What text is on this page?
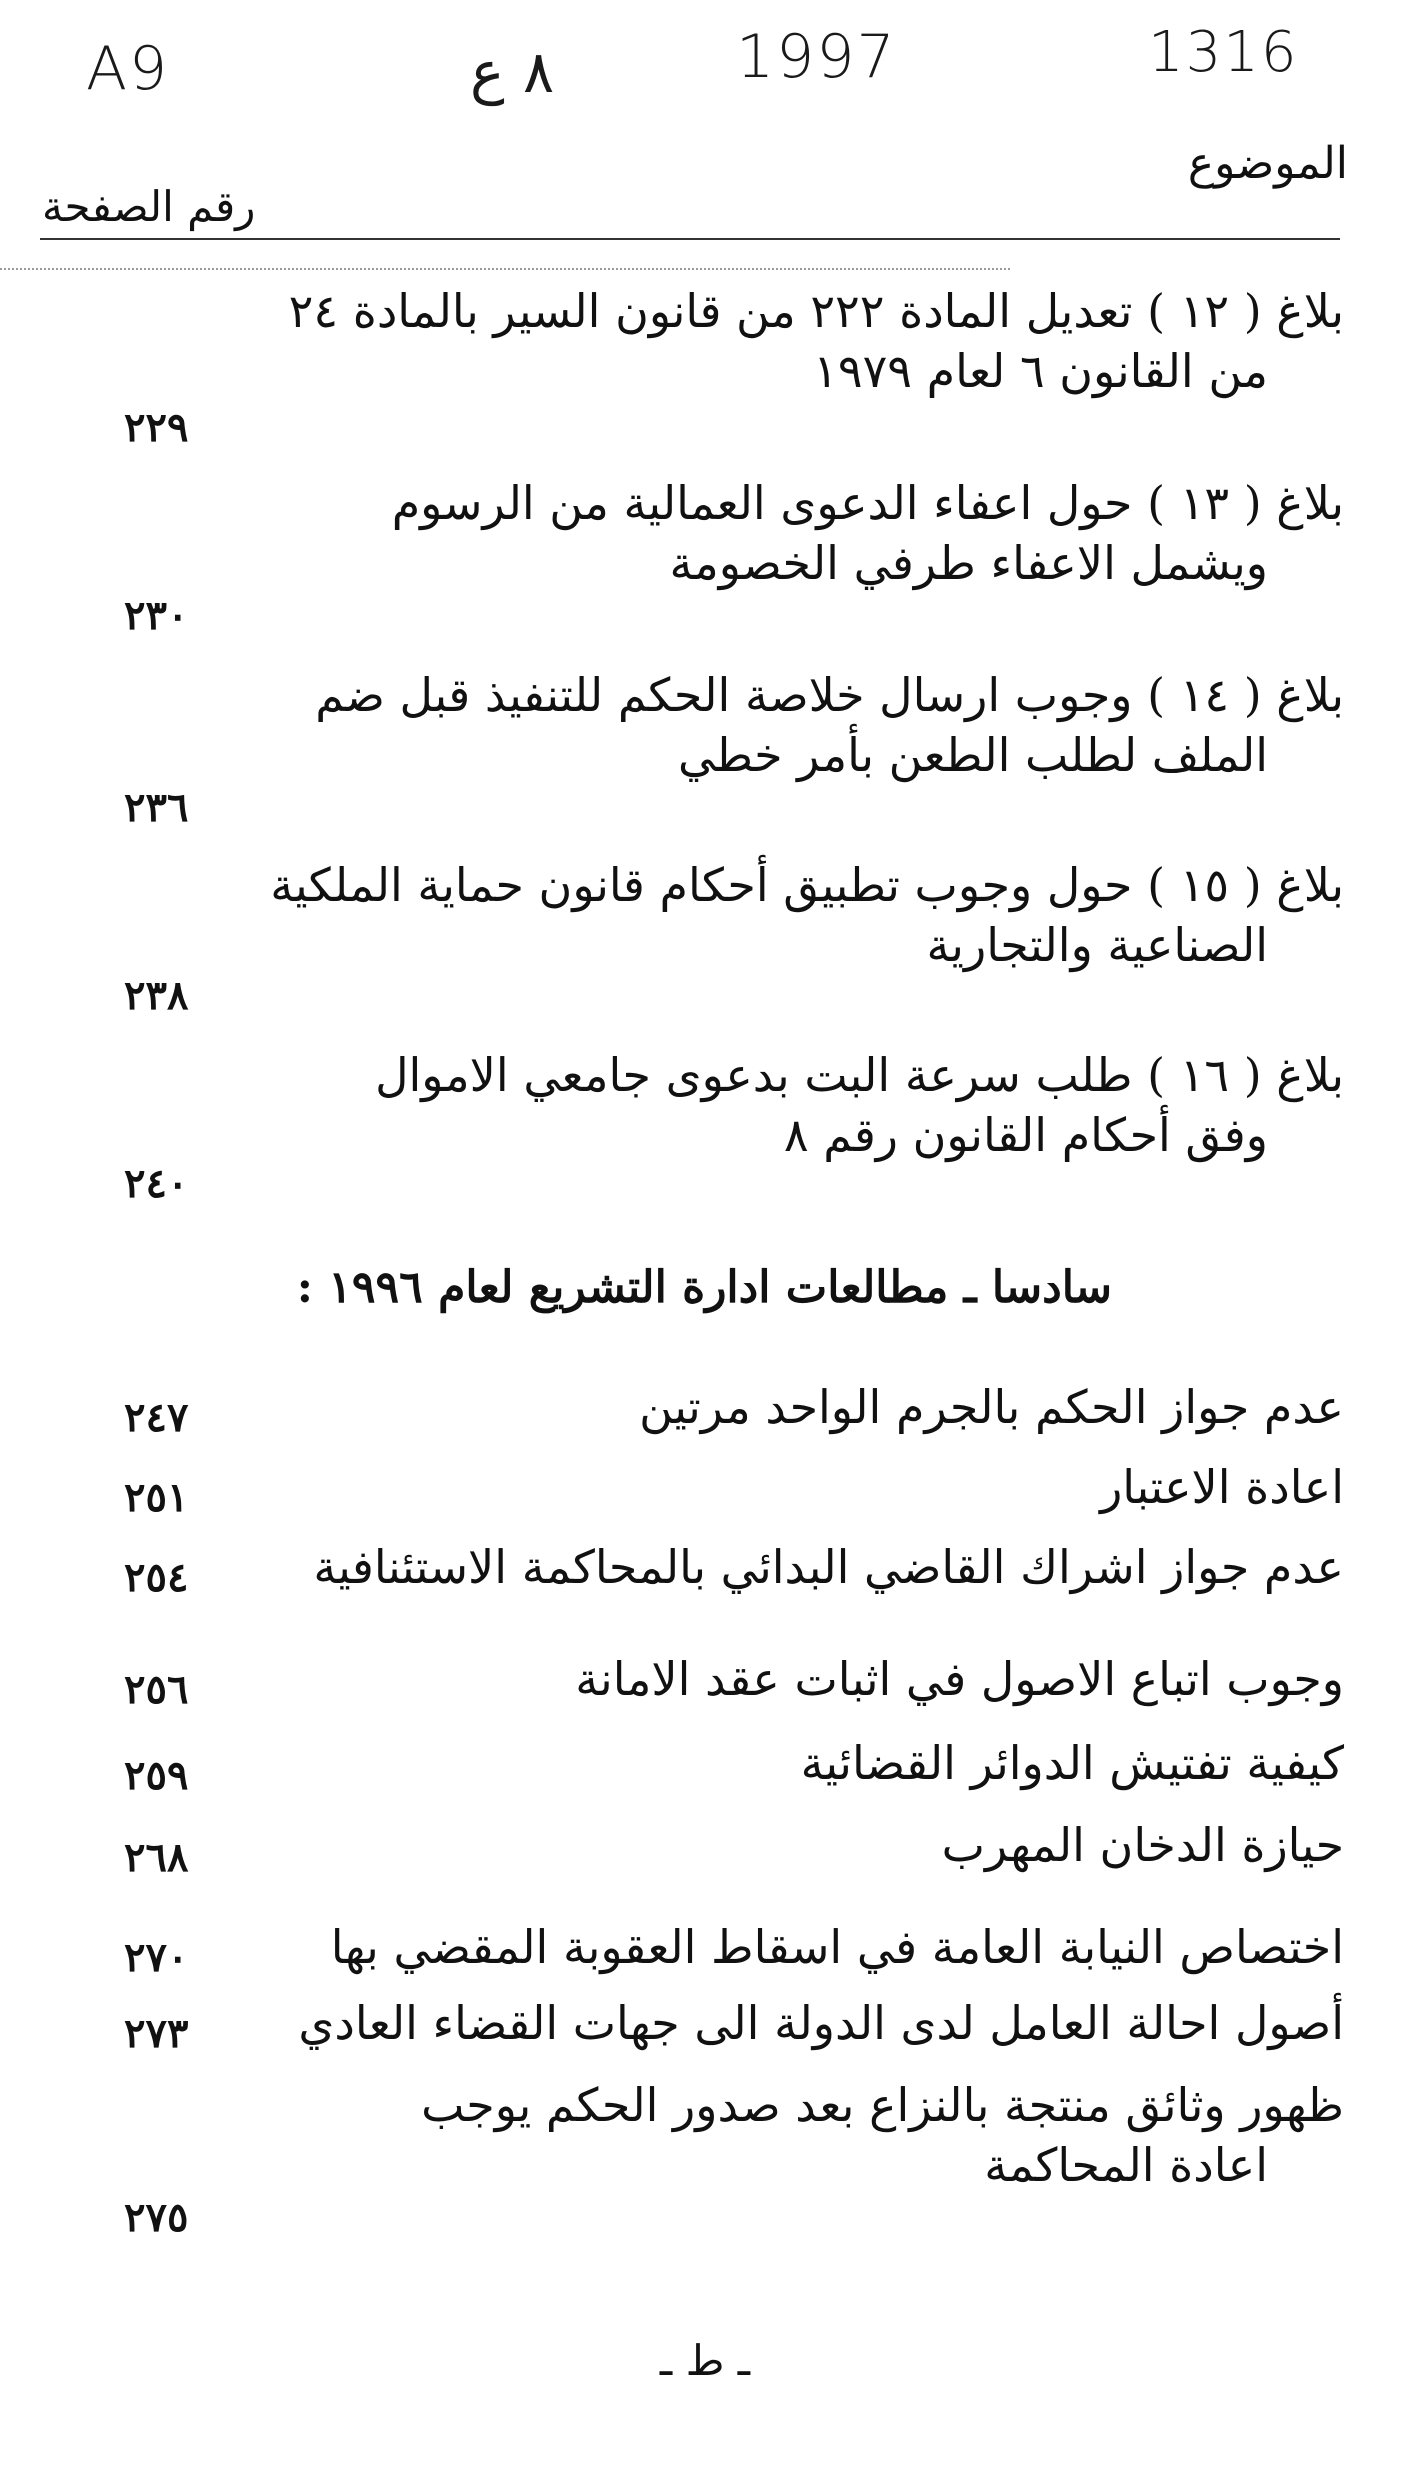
A9	٨ ع	1997	1316
الموضوع
رقم الصفحة
بلاغ ( ١٢ ) تعديل المادة ٢٢٢ من قانون السير بالمادة ٢٤
من القانون ٦ لعام ١٩٧٩
٢٢٩
بلاغ ( ١٣ ) حول اعفاء الدعوى العمالية من الرسوم
ويشمل الاعفاء طرفي الخصومة
٢٣٠
بلاغ ( ١٤ ) وجوب ارسال خلاصة الحكم للتنفيذ قبل ضم
الملف لطلب الطعن بأمر خطي
٢٣٦
بلاغ ( ١٥ ) حول وجوب تطبيق أحكام قانون حماية الملكية
الصناعية والتجارية
٢٣٨
بلاغ ( ١٦ ) طلب سرعة البت بدعوى جامعي الاموال
وفق أحكام القانون رقم ٨
٢٤٠
سادسا ـ مطالعات ادارة التشريع لعام ١٩٩٦ :
عدم جواز الحكم بالجرم الواحد مرتين
٢٤٧
اعادة الاعتبار
٢٥١
عدم جواز اشراك القاضي البدائي بالمحاكمة الاستئنافية
٢٥٤
وجوب اتباع الاصول في اثبات عقد الامانة
٢٥٦
كيفية تفتيش الدوائر القضائية
٢٥٩
حيازة الدخان المهرب
٢٦٨
اختصاص النيابة العامة في اسقاط العقوبة المقضي بها
٢٧٠
أصول احالة العامل لدى الدولة الى جهات القضاء العادي
٢٧٣
ظهور وثائق منتجة بالنزاع بعد صدور الحكم يوجب
اعادة المحاكمة
٢٧٥
ـ ط ـ
